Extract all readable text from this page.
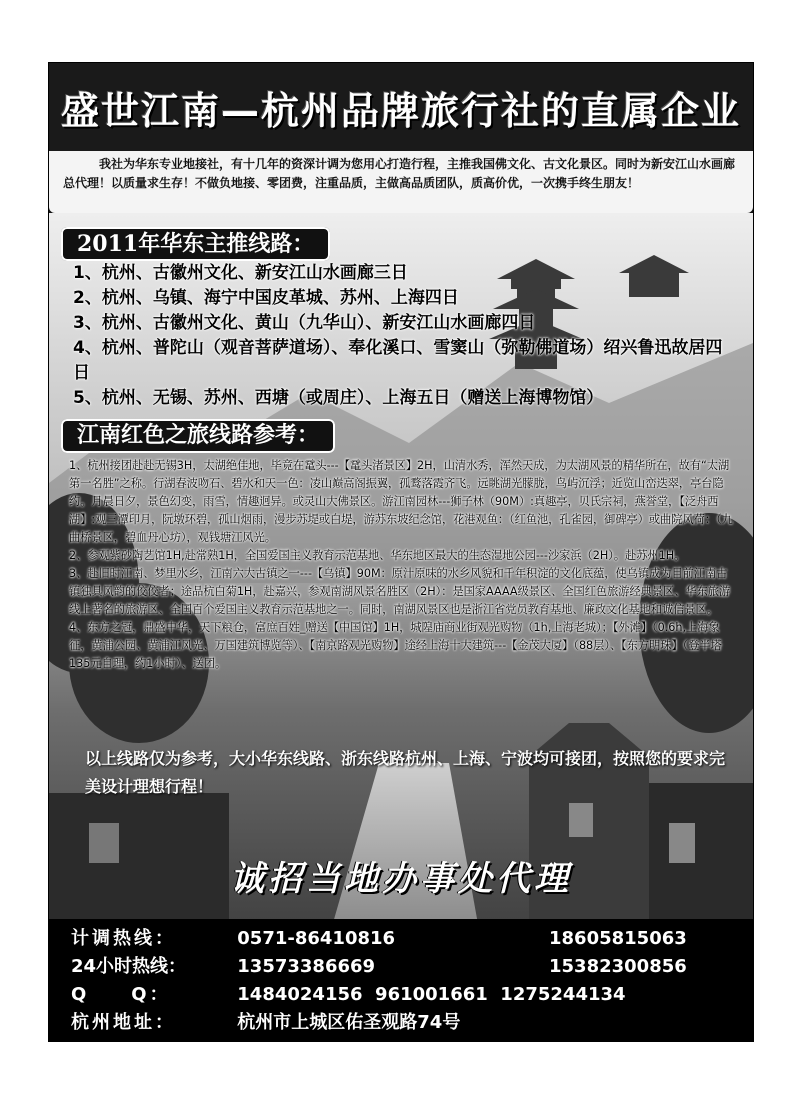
盛世江南—杭州品牌旅行社的直属企业
我社为华东专业地接社，有十几年的资深计调为您用心打造行程，主推我国佛文化、古文化景区。同时为新安江山水画廊总代理！以质量求生存！不做负地接、零团费，注重品质，主做高品质团队，质高价优，一次携手终生朋友！
2011年华东主推线路：
1、杭州、古徽州文化、新安江山水画廊三日
2、杭州、乌镇、海宁中国皮革城、苏州、上海四日
3、杭州、古徽州文化、黄山（九华山）、新安江山水画廊四日
4、杭州、普陀山（观音菩萨道场）、奉化溪口、雪窦山（弥勒佛道场）绍兴鲁迅故居四日
5、杭州、无锡、苏州、西塘（或周庄）、上海五日（赠送上海博物馆）
江南红色之旅线路参考：

1、杭州接团赴赴无锡3H，太湖绝佳地，毕竟在鼋头---【鼋头渚景区】2H，山清水秀，浑然天成，为太湖风景的精华所在，故有“太湖第一名胜”之称。行湖春波吻石、碧水和天一色：凌山巅高阁振翼，孤鹜落霞齐飞。远眺湖光朦胧，鸟屿沉浮；近览山峦迭翠，亭台隐约。月晨日夕，景色幻变，雨雪，情趣迥异。或灵山大佛景区。游江南园林---狮子林（90M）:真趣亭，贝氏宗祠，燕誉堂，【泛舟西湖】:观三潭印月，阮墩环碧，孤山烟雨，漫步苏堤或白堤，游苏东坡纪念馆，花港观鱼：（红鱼池，孔雀园，御碑亭）或曲院风荷：（九曲桥景区，碧血丹心坊），观钱塘江风光。

2、参观紫砂陶艺馆1H,赴常熟1H，全国爱国主义教育示范基地、华东地区最大的生态湿地公园---沙家浜（2H）。赴苏州1H。

3、赴旧时江南、梦里水乡，江南六大古镇之一---【乌镇】90M：原汁原味的水乡风貌和千年积淀的文化底蕴，使乌镇成为目前江南古镇独具风韵的佼佼者；途品杭白菊1H，赴嘉兴，参观南湖风景名胜区（2H）：是国家AAAA级景区、全国红色旅游经典景区、华东旅游线上著名的旅游区、全国百个爱国主义教育示范基地之一。同时，南湖风景区也是浙江省党员教育基地、廉政文化基地和诚信景区。

4、东方之冠，鼎盛中华，天下粮仓，富庶百姓_赠送【中国馆】1H，城隍庙商业街观光购物（1h,上海老城）；【外滩】（0.6h,上海象征，黄浦公园、黄浦江风光、万国建筑博览等）、【南京路观光购物】途经上海十大建筑---【金茂大厦】（88层）、【东方明珠】（登半塔135元自理，约1小时）、送团。

以上线路仅为参考，大小华东线路、浙东线路杭州、上海、宁波均可接团，按照您的要求完美设计理想行程！
诚招当地办事处代理
计调热线：	0571-86410816	18605815063
24小时热线：	13573386669	15382300856
Q　　Q：	1484024156  961001661  1275244134
杭州地址：	杭州市上城区佑圣观路74号
